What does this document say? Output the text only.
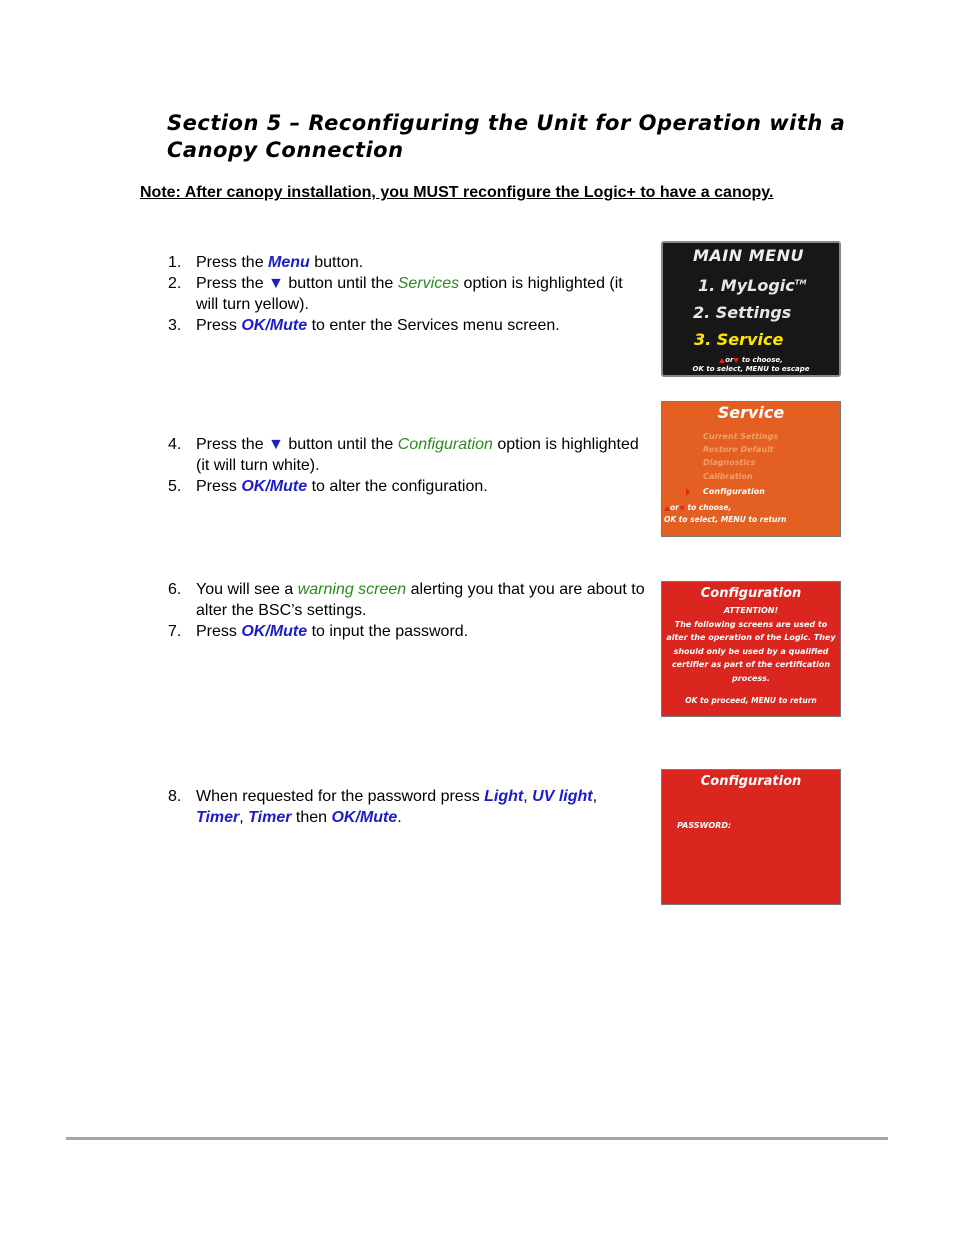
Section 5 – Reconfiguring the Unit for Operation with a Canopy Connection
Note: After canopy installation, you MUST reconfigure the Logic+ to have a canopy.
1. Press the Menu button.
2. Press the ▼ button until the Services option is highlighted (it will turn yellow).
3. Press OK/Mute to enter the Services menu screen.
4. Press the ▼ button until the Configuration option is highlighted (it will turn white).
5. Press OK/Mute to alter the configuration.
6. You will see a warning screen alerting you that you are about to alter the BSC’s settings.
7. Press OK/Mute to input the password.
8. When requested for the password press Light, UV light, Timer, Timer then OK/Mute.
MAIN MENU
1. MyLogic™
2. Settings
3. Service
or to choose,
OK to select, MENU to escape
Service
Current Settings
Restore Default
Diagnostics
Calibration
Configuration
or to choose,
OK to select, MENU to return
Configuration
ATTENTION!
The following screens are used to alter the operation of the Logic. They should only be used by a qualified certifier as part of the certification process.
OK to proceed, MENU to return
Configuration
PASSWORD:
